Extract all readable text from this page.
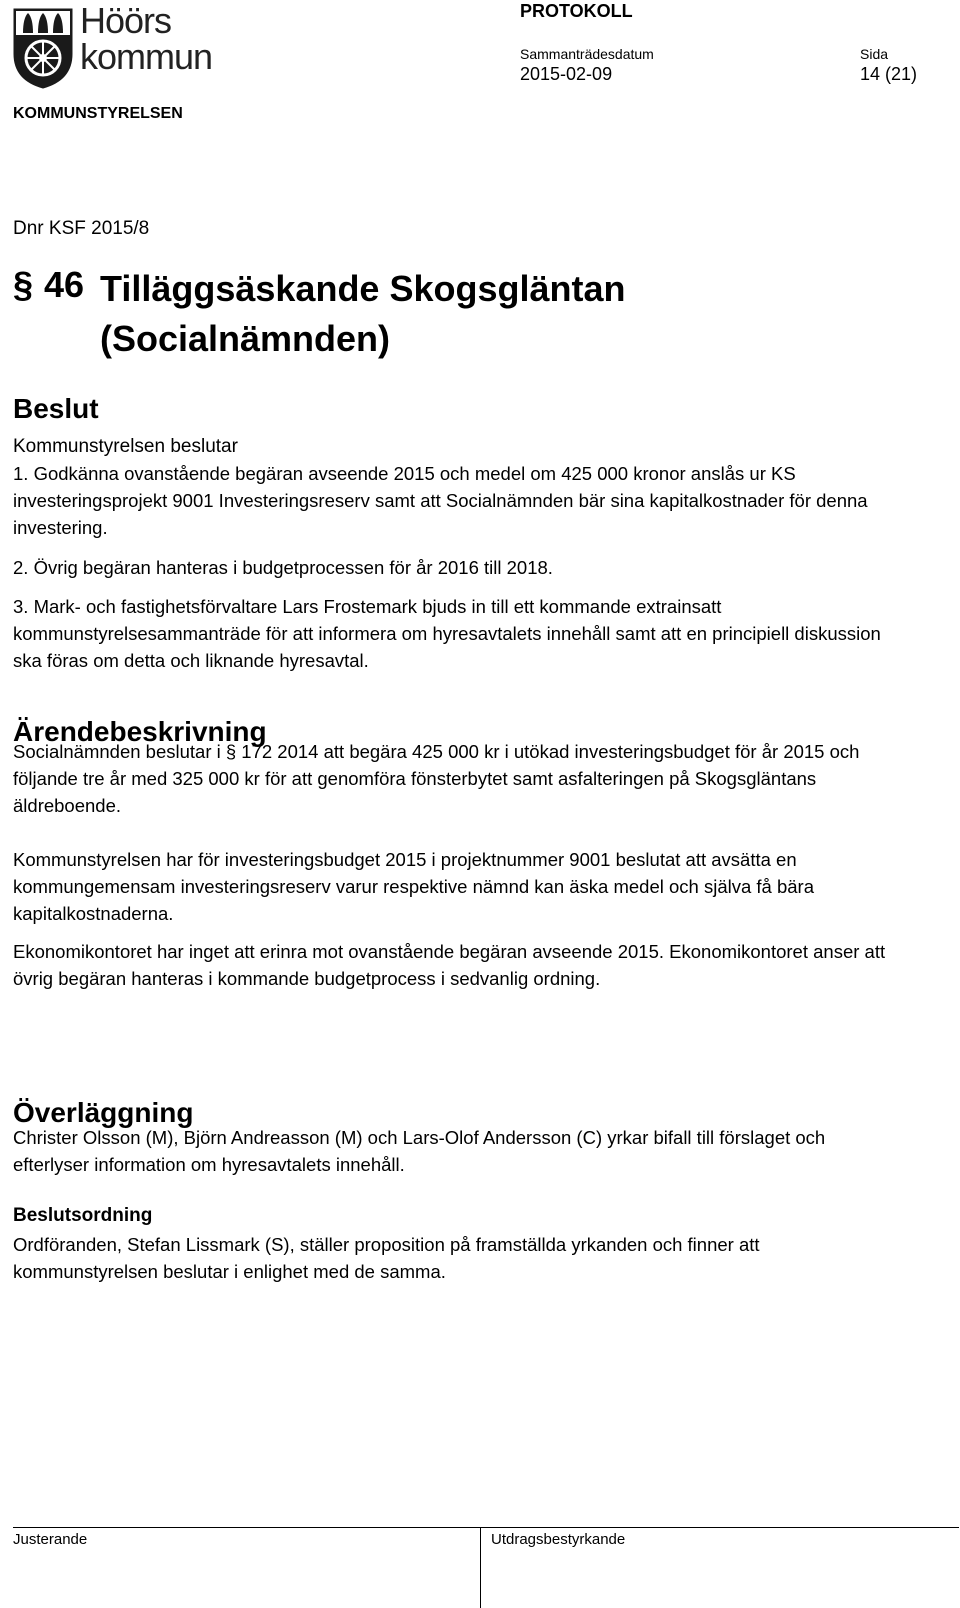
Höörs
kommun
PROTOKOLL
Sammanträdesdatum
2015-02-09
Sida
14 (21)
KOMMUNSTYRELSEN
Dnr KSF 2015/8
§ 46 Tilläggsäskande Skogsgläntan
(Socialnämnden)
Beslut
Kommunstyrelsen beslutar
1. Godkänna ovanstående begäran avseende 2015 och medel om 425 000 kronor anslås ur KS investeringsprojekt 9001 Investeringsreserv samt att Socialnämnden bär sina kapitalkostnader för denna investering.
2. Övrig begäran hanteras i budgetprocessen för år 2016 till 2018.
3. Mark- och fastighetsförvaltare Lars Frostemark bjuds in till ett kommande extrainsatt kommunstyrelsesammanträde för att informera om hyresavtalets innehåll samt att en principiell diskussion ska föras om detta och liknande hyresavtal.
Ärendebeskrivning
Socialnämnden beslutar i § 172 2014 att begära 425 000 kr i utökad investeringsbudget för år 2015 och följande tre år med 325 000 kr för att genomföra fönsterbytet samt asfalteringen på Skogsgläntans äldreboende.
Kommunstyrelsen har för investeringsbudget 2015 i projektnummer 9001 beslutat att avsätta en kommungemensam investeringsreserv varur respektive nämnd kan äska medel och själva få bära kapitalkostnaderna.
Ekonomikontoret har inget att erinra mot ovanstående begäran avseende 2015. Ekonomikontoret anser att övrig begäran hanteras i kommande budgetprocess i sedvanlig ordning.
Överläggning
Christer Olsson (M), Björn Andreasson (M) och Lars-Olof Andersson (C) yrkar bifall till förslaget och efterlyser information om hyresavtalets innehåll.
Beslutsordning
Ordföranden, Stefan Lissmark (S), ställer proposition på framställda yrkanden och finner att kommunstyrelsen beslutar i enlighet med de samma.
Justerande	Utdragsbestyrkande
